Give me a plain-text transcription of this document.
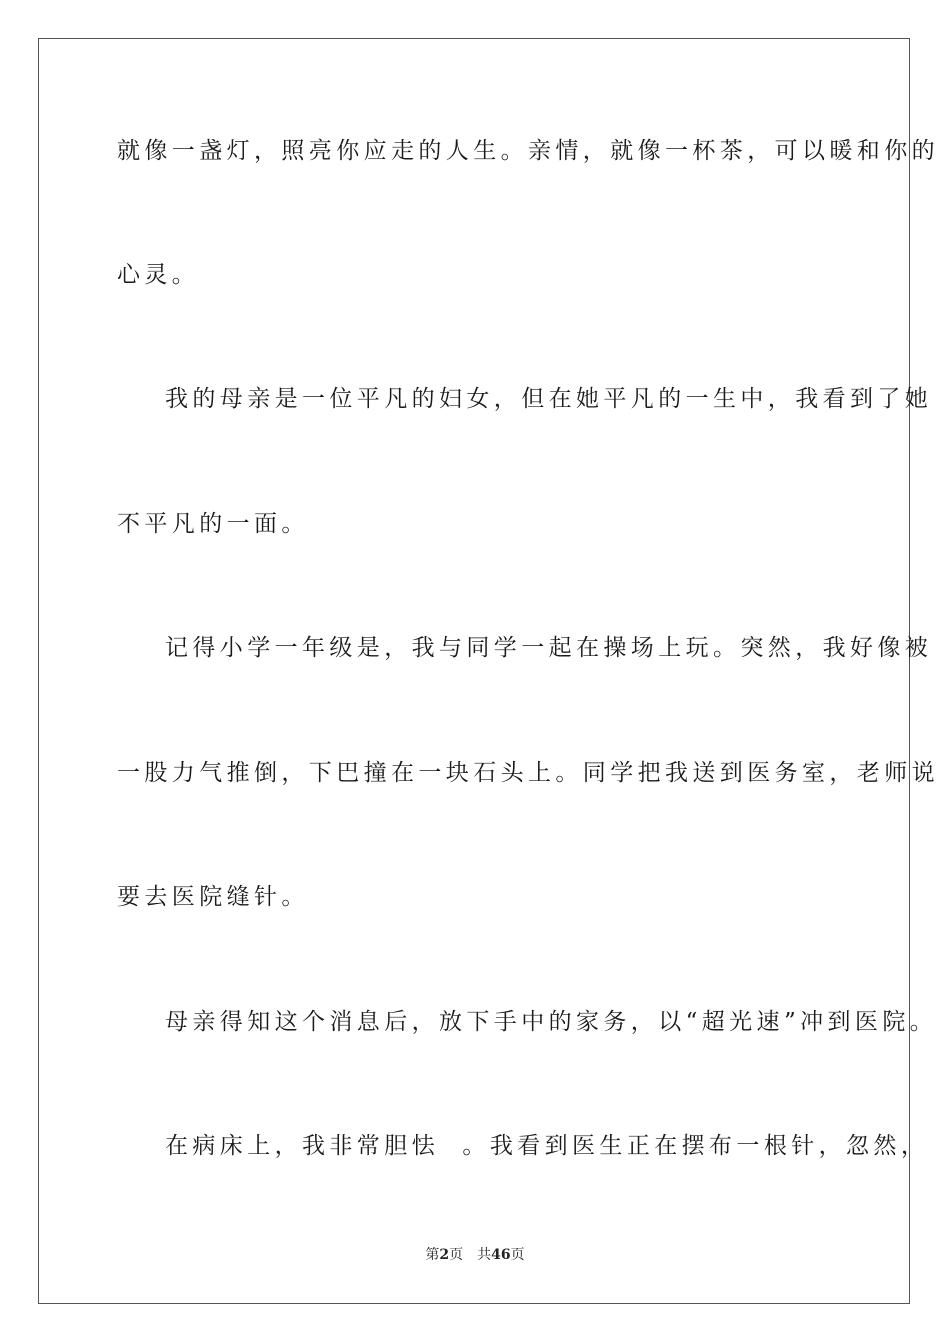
就像一盏灯，照亮你应走的人生。亲情，就像一杯茶，可以暖和你的
心灵。
我的母亲是一位平凡的妇女，但在她平凡的一生中，我看到了她
不平凡的一面。
记得小学一年级是，我与同学一起在操场上玩。突然，我好像被
一股力气推倒，下巴撞在一块石头上。同学把我送到医务室，老师说
要去医院缝针。
母亲得知这个消息后，放下手中的家务，以“超光速”冲到医院。
在病床上，我非常胆怯  。我看到医生正在摆布一根针，忽然，
第2页 共46页
